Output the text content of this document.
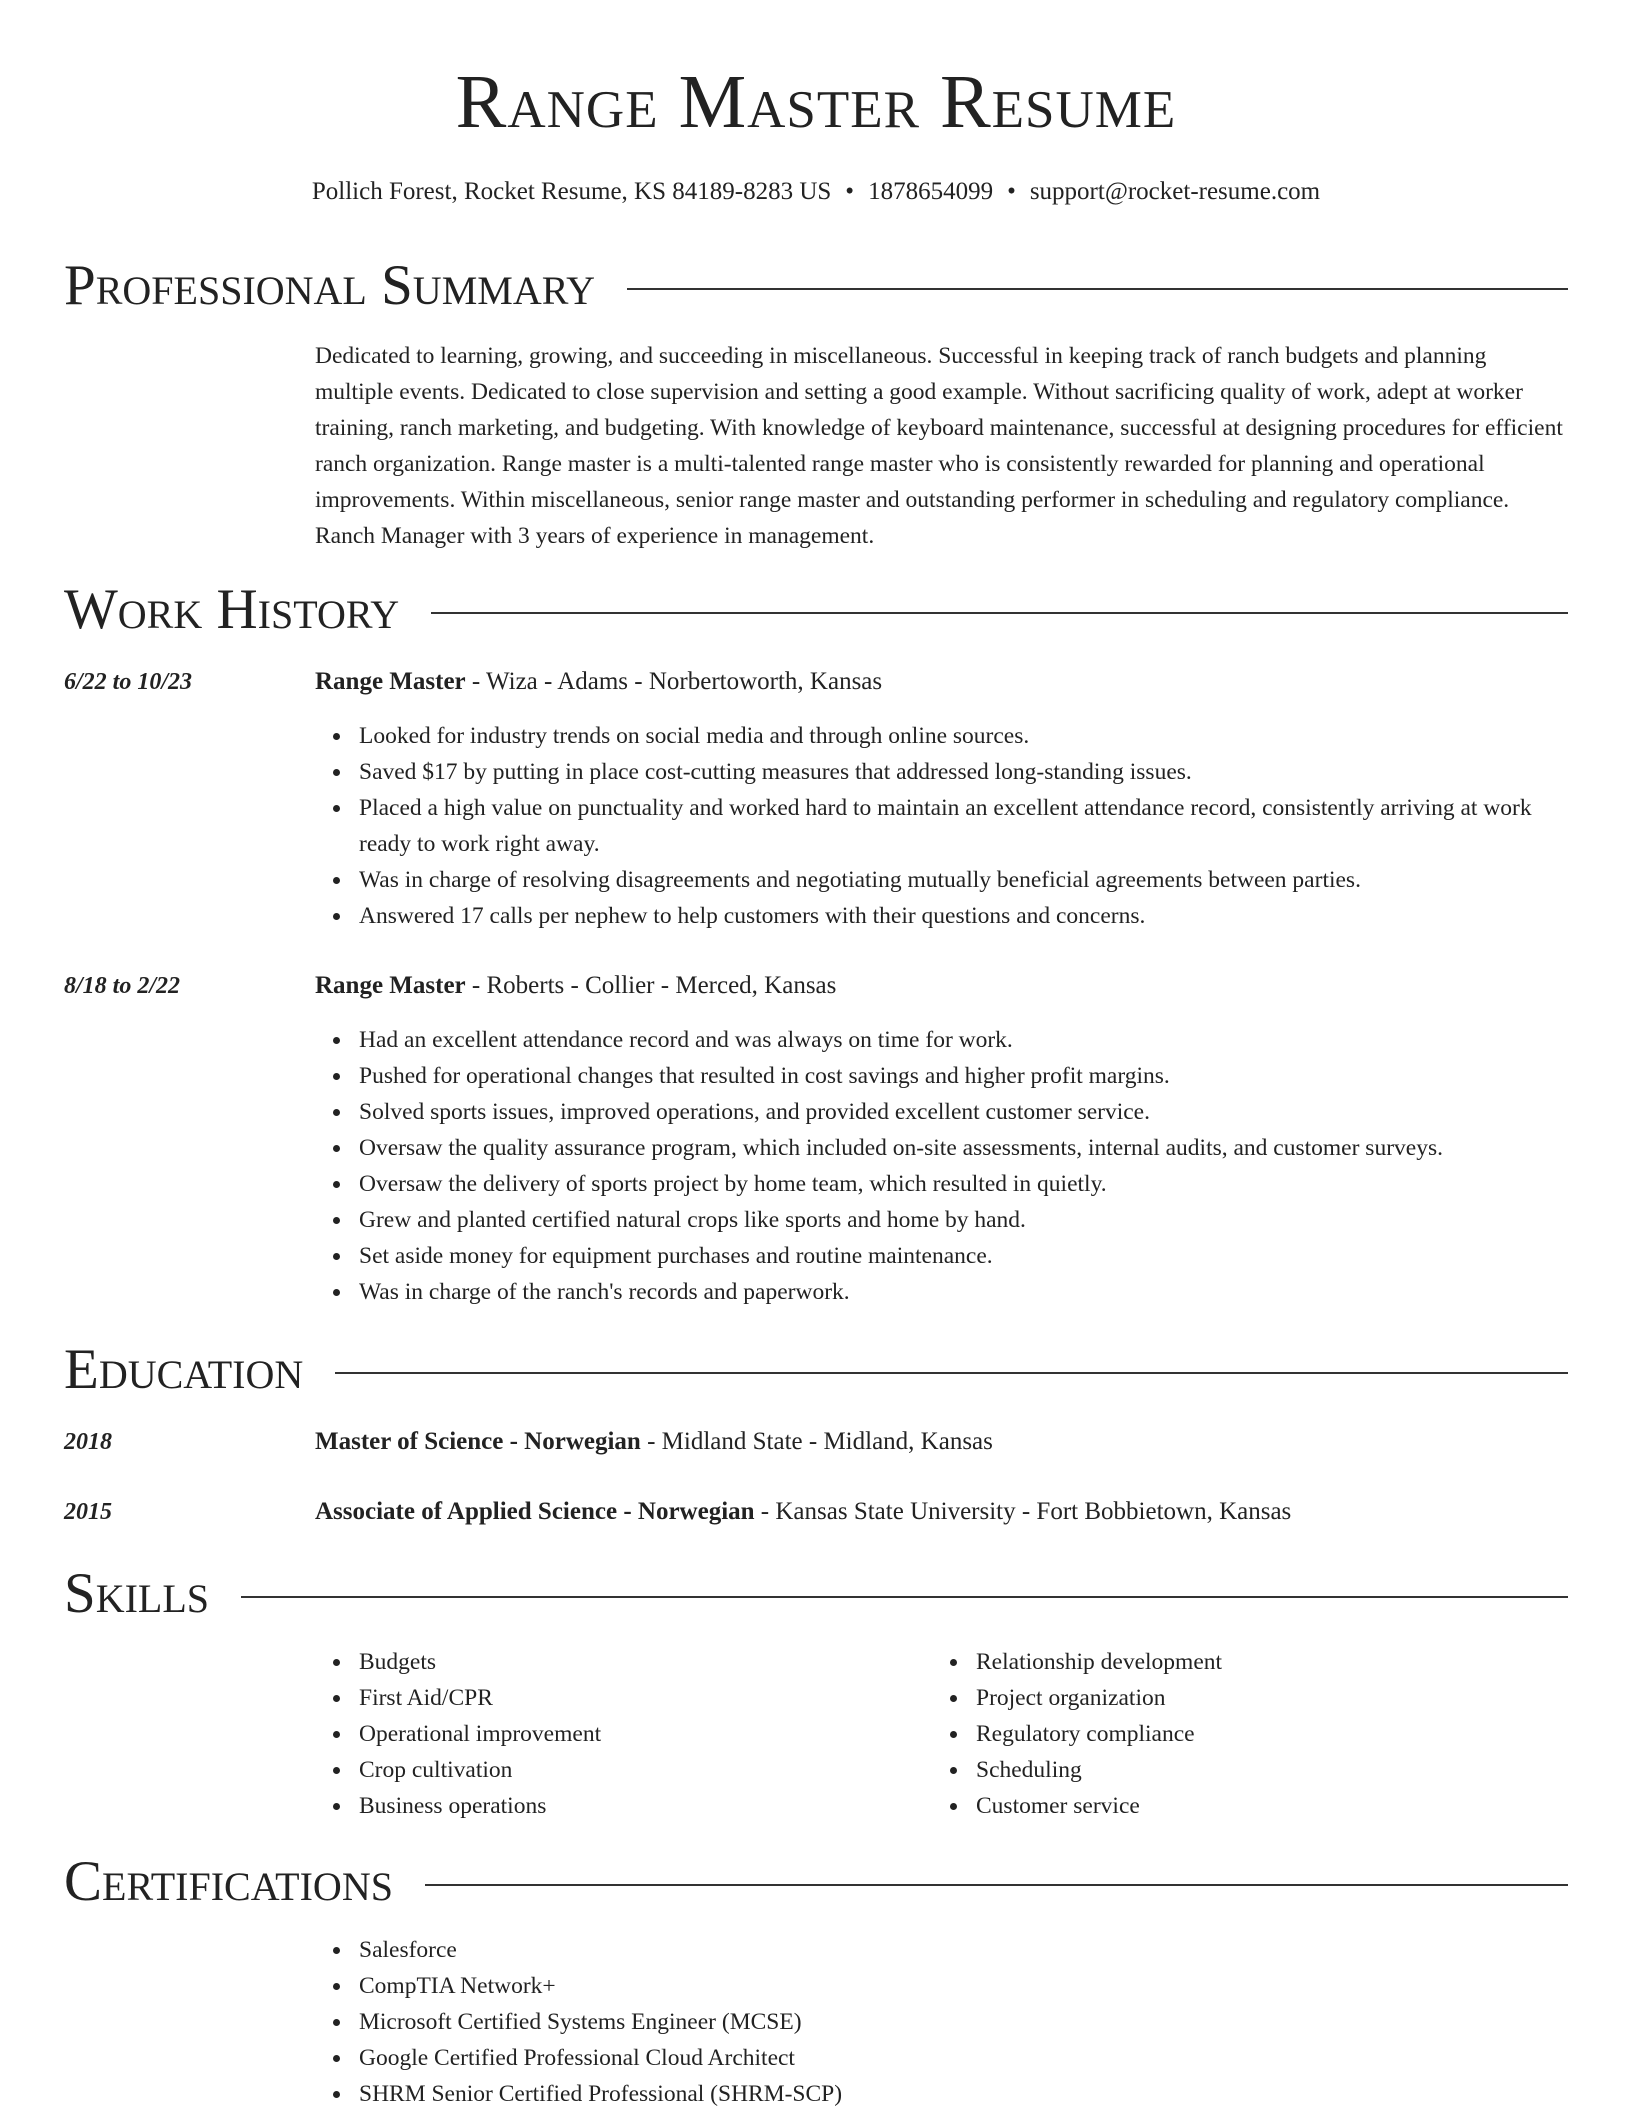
Range Master Resume
Pollich Forest, Rocket Resume, KS 84189-8283 US • 1878654099 • support@rocket-resume.com
Professional Summary
Dedicated to learning, growing, and succeeding in miscellaneous. Successful in keeping track of ranch budgets and planning multiple events. Dedicated to close supervision and setting a good example. Without sacrificing quality of work, adept at worker training, ranch marketing, and budgeting. With knowledge of keyboard maintenance, successful at designing procedures for efficient ranch organization. Range master is a multi-talented range master who is consistently rewarded for planning and operational improvements. Within miscellaneous, senior range master and outstanding performer in scheduling and regulatory compliance. Ranch Manager with 3 years of experience in management.
Work History
6/22 to 10/23	Range Master - Wiza - Adams - Norbertoworth, Kansas
Looked for industry trends on social media and through online sources.
Saved $17 by putting in place cost-cutting measures that addressed long-standing issues.
Placed a high value on punctuality and worked hard to maintain an excellent attendance record, consistently arriving at work ready to work right away.
Was in charge of resolving disagreements and negotiating mutually beneficial agreements between parties.
Answered 17 calls per nephew to help customers with their questions and concerns.
8/18 to 2/22	Range Master - Roberts - Collier - Merced, Kansas
Had an excellent attendance record and was always on time for work.
Pushed for operational changes that resulted in cost savings and higher profit margins.
Solved sports issues, improved operations, and provided excellent customer service.
Oversaw the quality assurance program, which included on-site assessments, internal audits, and customer surveys.
Oversaw the delivery of sports project by home team, which resulted in quietly.
Grew and planted certified natural crops like sports and home by hand.
Set aside money for equipment purchases and routine maintenance.
Was in charge of the ranch's records and paperwork.
Education
2018	Master of Science - Norwegian - Midland State - Midland, Kansas
2015	Associate of Applied Science - Norwegian - Kansas State University - Fort Bobbietown, Kansas
Skills
Budgets
First Aid/CPR
Operational improvement
Crop cultivation
Business operations
Relationship development
Project organization
Regulatory compliance
Scheduling
Customer service
Certifications
Salesforce
CompTIA Network+
Microsoft Certified Systems Engineer (MCSE)
Google Certified Professional Cloud Architect
SHRM Senior Certified Professional (SHRM-SCP)
